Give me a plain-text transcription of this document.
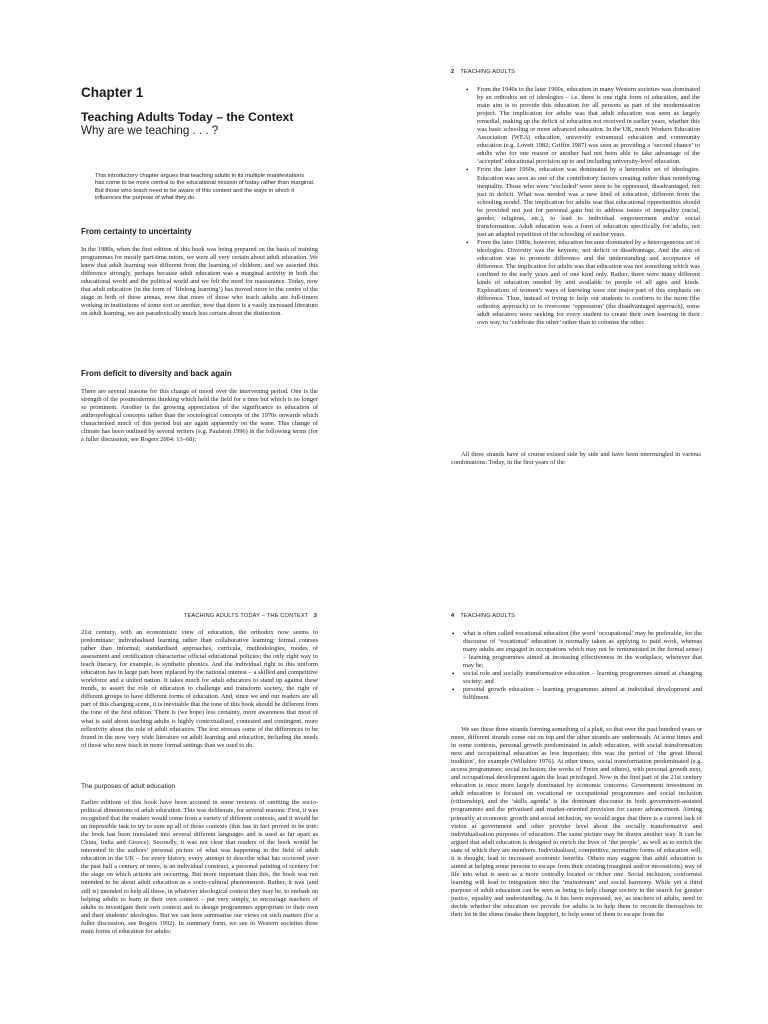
Chapter 1
Teaching Adults Today – the Context
Why are we teaching . . . ?

This introductory chapter argues that teaching adults in its multiple manifestations has come to be more central to the educational mission of today rather than marginal. But those who teach need to be aware of this context and the ways in which it influences the purpose of what they do.

From certainty to uncertainty

In the 1980s, when the first edition of this book was being prepared on the basis of training programmes for mostly part-time tutors, we were all very certain about adult education. We knew that adult learning was different from the learning of children; and we asserted this difference strongly, perhaps because adult education was a marginal activity in both the educational world and the political world and we felt the need for reassurance. Today, now that adult education (in the form of ‘lifelong learning’) has moved more to the centre of the stage in both of these arenas, now that more of those who teach adults are full-timers working in institutions of some sort or another, now that there is a vastly increased literature on adult learning, we are paradoxically much less certain about the distinction.

From deficit to diversity and back again

There are several reasons for this change of mood over the intervening period. One is the strength of the postmodernist thinking which held the field for a time but which is no longer so prominent. Another is the growing appreciation of the significance to education of anthropological concepts rather than the sociological concepts of the 1970s onwards which characterised much of this period but are again apparently on the wane. This change of climate has been outlined by several writers (e.g. Paulston 1996) in the following terms (for a fuller discussion, see Rogers 2004: 13–68):

2 TEACHING ADULTS
• From the 1940s to the later 1960s, education in many Western societies was dominated by an orthodox set of ideologies – i.e. there is one right form of education, and the main aim is to provide this education for all persons as part of the modernisation project. The implication for adults was that adult education was seen as largely remedial, making up the deficit of education not received in earlier years, whether this was basic schooling or more advanced education. In the UK, much Workers Education Association (WEA) education, university extramural education and community education (e.g. Lovett 1982; Griffin 1987) was seen as providing a ‘second chance’ to adults who for one reason or another had not been able to take advantage of the ‘accepted’ educational provision up to and including university-level education.
• From the later 1960s, education was dominated by a heterodox set of ideologies. Education was seen as one of the contributory factors creating rather than remedying inequality. Those who were ‘excluded’ were seen to be oppressed, disadvantaged, not just in deficit. What was needed was a new kind of education, different from the schooling model. The implication for adults was that educational opportunities should be provided not just for personal gain but to address issues of inequality (racial, gender, religious, etc.), to lead to individual empowerment and/or social transformation. Adult education was a form of education specifically for adults, not just an adapted repetition of the schooling of earlier years.
• From the later 1980s, however, education became dominated by a heterogeneous set of ideologies. Diversity was the keynote, not deficit or disadvantage. And the aim of education was to promote difference and the understanding and acceptance of difference. The implication for adults was that education was not something which was confined to the early years and of one kind only. Rather, there were many different kinds of education needed by and available to people of all ages and kinds. Explorations of women’s ways of knowing were one major part of this emphasis on difference. Thus, instead of trying to help our students to conform to the norm (the orthodox approach) or to overcome ‘oppression’ (the disadvantaged approach), some adult educators were seeking for every student to create their own learning in their own way, to ‘celebrate the other’ rather than to colonise the other.

All three strands have of course existed side by side and have been intermingled in various combinations. Today, in the first years of the

TEACHING ADULTS TODAY – THE CONTEXT 3

21st century, with an economistic view of education, the orthodox now seems to predominate: individualised learning rather than collaborative learning; formal courses rather than informal; standardised approaches, curricula, methodologies, modes of assessment and certification characterise official educational policies; the only right way to teach literacy, for example, is synthetic phonics. And the individual right to this uniform education has in large part been replaced by the national interest – a skilled and competitive workforce and a united nation. It takes much for adult educators to stand up against these trends, to assert the role of education to challenge and transform society, the right of different groups to have different forms of education. And, since we and our readers are all part of this changing scene, it is inevitable that the tone of this book should be different from the tone of the first edition. There is (we hope) less certainty, more awareness that most of what is said about teaching adults is highly contextualised, contested and contingent, more reflexivity about the role of adult educators. The text stresses some of the differences to be found in the now very wide literature on adult learning and education, including the needs of those who now teach in more formal settings than we used to do.

The purposes of adult education

Earlier editions of this book have been accused in some reviews of omitting the socio-political dimensions of adult education. This was deliberate, for several reasons. First, it was recognised that the readers would come from a variety of different contexts, and it would be an impossible task to try to sum up all of those contexts (this has in fact proved to be true; the book has been translated into several different languages and is used as far apart as China, India and Greece). Secondly, it was not clear that readers of the book would be interested in the authors’ personal picture of what was happening in the field of adult education in the UK – for every history, every attempt to describe what has occurred over the past half a century or more, is an individual construct, a personal painting of scenery for the stage on which actions are occurring. But more important than this, the book was not intended to be about adult education as a socio-cultural phenomenon. Rather, it was (and still is) intended to help all those, in whatever ideological context they may be, to embark on helping adults to learn in their own context – put very simply, to encourage teachers of adults to investigate their own context and to design programmes appropriate to their own and their students’ ideologies. But we can here summarise our views on such matters (for a fuller discussion, see Rogers 1992). In summary form, we see in Western societies three main forms of education for adults:

4 TEACHING ADULTS
• what is often called vocational education (the word ‘occupational’ may be preferable, for the discourse of ‘vocational’ education is normally taken as applying to paid work, whereas many adults are engaged in occupations which may not be remunerated in the formal sense) – learning programmes aimed at increasing effectiveness in the workplace, wherever that may be;
• social role and socially transformative education – learning programmes aimed at changing society; and
• personal growth education – learning programmes aimed at individual development and fulfilment.

We see these three strands forming something of a plait, so that over the past hundred years or more, different strands come out on top and the other strands are underneath. At some times and in some contexts, personal growth predominated in adult education, with social transformation next and occupational education as less important; this was the period of ‘the great liberal tradition’, for example (Wiltshire 1976). At other times, social transformation predominated (e.g. access programmes; social inclusion; the works of Freire and others), with personal growth next, and occupational development again the least privileged. Now in the first part of the 21st century education is once more largely dominated by economic concerns. Government investment in adult education is focused on vocational or occupational programmes and social inclusion (citizenship), and the ‘skills agenda’ is the dominant discourse in both government-assisted programmes and the privatised and market-oriented provision for career advancement. Aiming primarily at economic growth and social inclusion, we would argue that there is a current lack of vision at government and other provider level about the socially transformative and individualisation purposes of education. The same picture may be drawn another way. It can be argued that adult education is designed to enrich the lives of ‘the people’, as well as to enrich the state of which they are members. Individualised, competitive, normative forms of education will, it is thought, lead to increased economic benefits. Others may suggest that adult education is aimed at helping some persons to escape from their existing (marginal and/or necessitous) way of life into what is seen as a more centrally located or richer one. Social inclusion, conformist learning will lead to integration into the ‘mainstream’ and social harmony. While yet a third purpose of adult education can be seen as being to help change society in the search for greater justice, equality and understanding. As it has been expressed, we, as teachers of adults, need to decide whether the education we provide for adults is to help them to reconcile themselves to their lot in the slums (make them happier), to help some of them to escape from the
